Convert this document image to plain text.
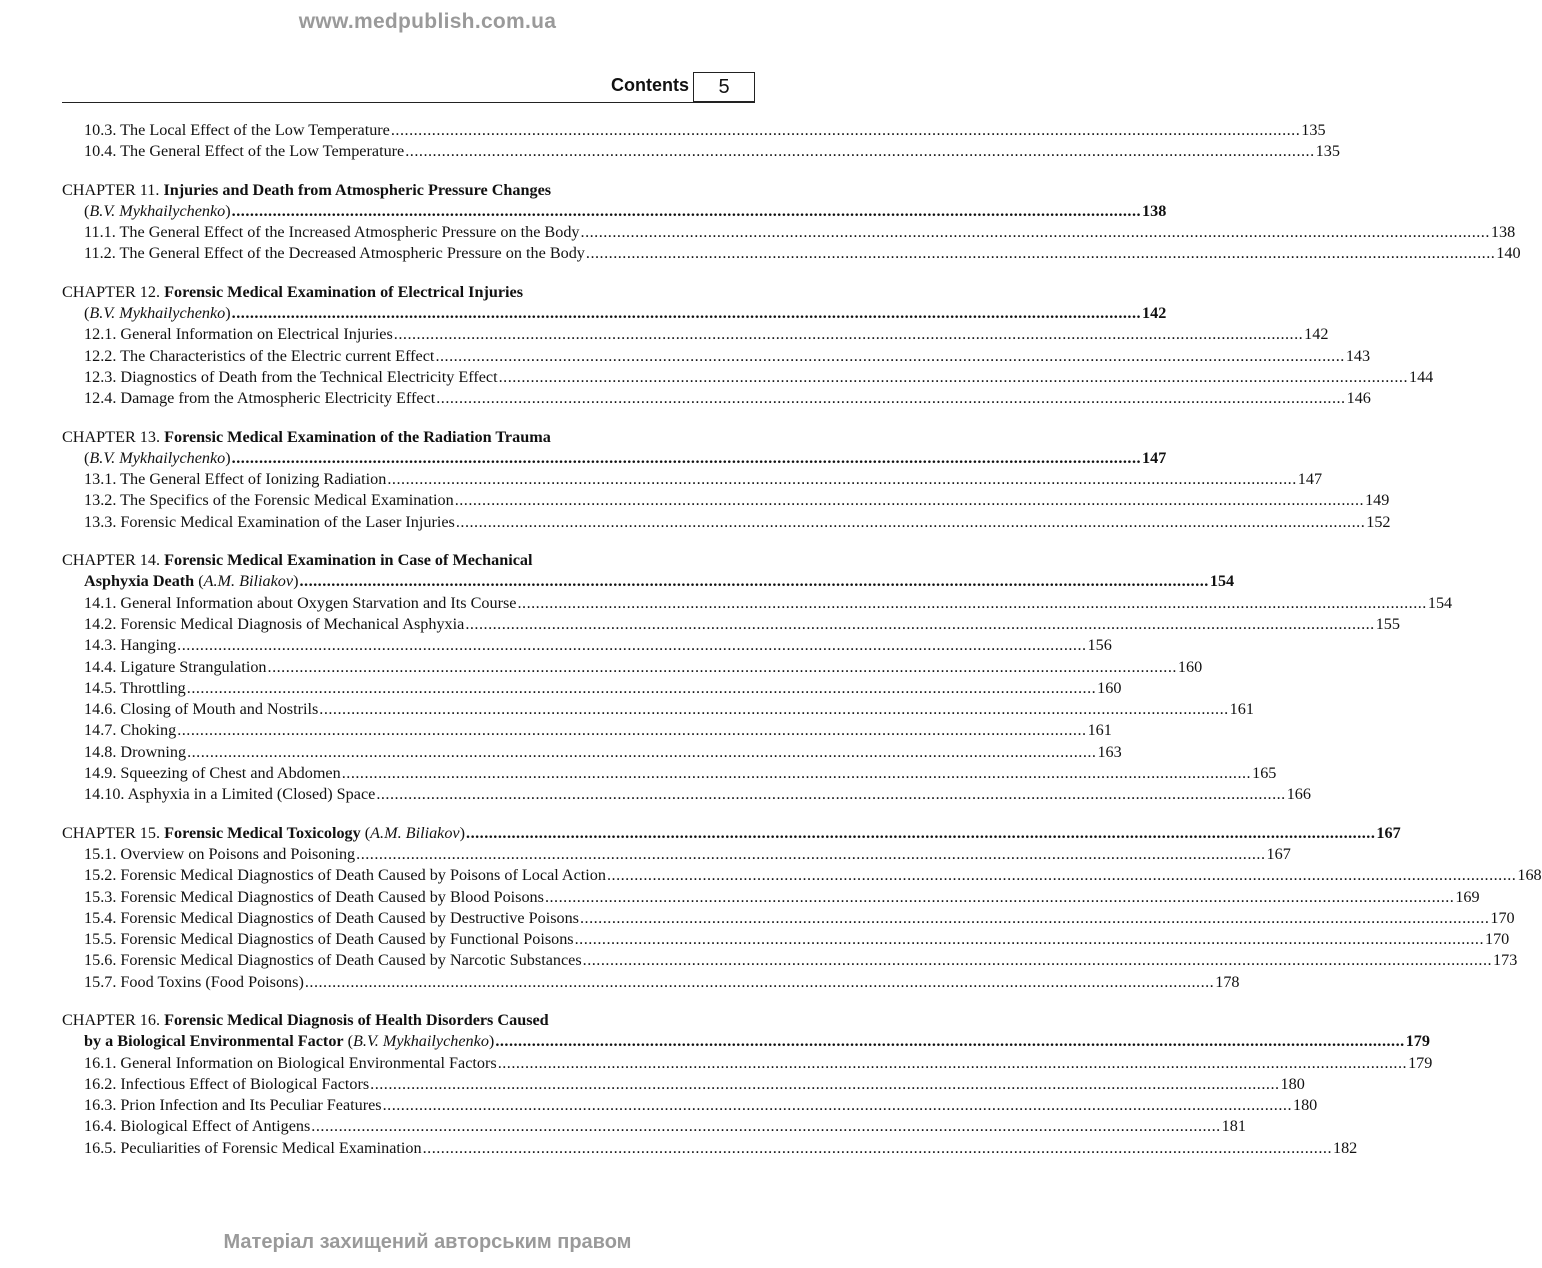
www.medpublish.com.ua
Contents	5
10.3. The Local Effect of the Low Temperature ........................................................................................................................................................................................................ 135
10.4. The General Effect of the Low Temperature ........................................................................................................................................................................................................ 135
CHAPTER 11. Injuries and Death from Atmospheric Pressure Changes
(B.V. Mykhailychenko) ........................................................................................................................................................................................................ 138
11.1. The General Effect of the Increased Atmospheric Pressure on the Body ........................................................................................................................................................................................................ 138
11.2. The General Effect of the Decreased Atmospheric Pressure on the Body ........................................................................................................................................................................................................ 140
CHAPTER 12. Forensic Medical Examination of Electrical Injuries
(B.V. Mykhailychenko) ........................................................................................................................................................................................................ 142
12.1. General Information on Electrical Injuries ........................................................................................................................................................................................................ 142
12.2. The Characteristics of the Electric current Effect ........................................................................................................................................................................................................ 143
12.3. Diagnostics of Death from the Technical Electricity Effect ........................................................................................................................................................................................................ 144
12.4. Damage from the Atmospheric Electricity Effect ........................................................................................................................................................................................................ 146
CHAPTER 13. Forensic Medical Examination of the Radiation Trauma
(B.V. Mykhailychenko) ........................................................................................................................................................................................................ 147
13.1. The General Effect of Ionizing Radiation ........................................................................................................................................................................................................ 147
13.2. The Specifics of the Forensic Medical Examination ........................................................................................................................................................................................................ 149
13.3. Forensic Medical Examination of the Laser Injuries ........................................................................................................................................................................................................ 152
CHAPTER 14. Forensic Medical Examination in Case of Mechanical
Asphyxia Death (A.M. Biliakov) ........................................................................................................................................................................................................ 154
14.1. General Information about Oxygen Starvation and Its Course ........................................................................................................................................................................................................ 154
14.2. Forensic Medical Diagnosis of Mechanical Asphyxia ........................................................................................................................................................................................................ 155
14.3. Hanging ........................................................................................................................................................................................................ 156
14.4. Ligature Strangulation ........................................................................................................................................................................................................ 160
14.5. Throttling ........................................................................................................................................................................................................ 160
14.6. Closing of Mouth and Nostrils ........................................................................................................................................................................................................ 161
14.7. Choking ........................................................................................................................................................................................................ 161
14.8. Drowning ........................................................................................................................................................................................................ 163
14.9. Squeezing of Chest and Abdomen ........................................................................................................................................................................................................ 165
14.10. Asphyxia in a Limited (Closed) Space ........................................................................................................................................................................................................ 166
CHAPTER 15. Forensic Medical Toxicology (A.M. Biliakov) ........................................................................................................................................................................................................ 167
15.1. Overview on Poisons and Poisoning ........................................................................................................................................................................................................ 167
15.2. Forensic Medical Diagnostics of Death Caused by Poisons of Local Action ........................................................................................................................................................................................................ 168
15.3. Forensic Medical Diagnostics of Death Caused by Blood Poisons ........................................................................................................................................................................................................ 169
15.4. Forensic Medical Diagnostics of Death Caused by Destructive Poisons ........................................................................................................................................................................................................ 170
15.5. Forensic Medical Diagnostics of Death Caused by Functional Poisons ........................................................................................................................................................................................................ 170
15.6. Forensic Medical Diagnostics of Death Caused by Narcotic Substances ........................................................................................................................................................................................................ 173
15.7. Food Toxins (Food Poisons) ........................................................................................................................................................................................................ 178
CHAPTER 16. Forensic Medical Diagnosis of Health Disorders Caused
by a Biological Environmental Factor (B.V. Mykhailychenko) ........................................................................................................................................................................................................ 179
16.1. General Information on Biological Environmental Factors ........................................................................................................................................................................................................ 179
16.2. Infectious Effect of Biological Factors ........................................................................................................................................................................................................ 180
16.3. Prion Infection and Its Peculiar Features ........................................................................................................................................................................................................ 180
16.4. Biological Effect of Antigens ........................................................................................................................................................................................................ 181
16.5. Peculiarities of Forensic Medical Examination ........................................................................................................................................................................................................ 182
Матеріал захищений авторським правом
